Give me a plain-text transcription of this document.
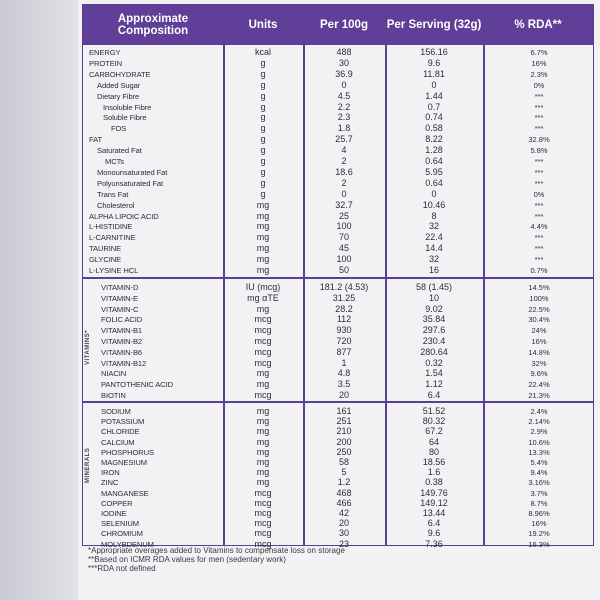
Approximate Composition	Units	Per 100g	Per Serving (32g)	% RDA**
ENERGY	kcal	488	156.16	6.7%
PROTEIN	g	30	9.6	16%
CARBOHYDRATE	g	36.9	11.81	2.3%
Added Sugar	g	0	0	0%
Dietary Fibre	g	4.5	1.44	***
Insoluble Fibre	g	2.2	0.7	***
Soluble Fibre	g	2.3	0.74	***
FOS	g	1.8	0.58	***
FAT	g	25.7	8.22	32.8%
Saturated Fat	g	4	1.28	5.8%
MCTs	g	2	0.64	***
Monounsaturated Fat	g	18.6	5.95	***
Polyunsaturated Fat	g	2	0.64	***
Trans Fat	g	0	0	0%
Cholesterol	mg	32.7	10.46	***
ALPHA LIPOIC ACID	mg	25	8	***
L-HISTIDINE	mg	100	32	4.4%
L-CARNITINE	mg	70	22.4	***
TAURINE	mg	45	14.4	***
GLYCINE	mg	100	32	***
L-LYSINE HCL	mg	50	16	0.7%
VITAMIN-D	IU (mcg)	181.2 (4.53)	58 (1.45)	14.5%
VITAMIN-E	mg αTE	31.25	10	100%
VITAMIN-C	mg	28.2	9.02	22.5%
FOLIC ACID	mcg	112	35.84	30.4%
VITAMIN-B1	mcg	930	297.6	24%
VITAMIN-B2	mcg	720	230.4	16%
VITAMIN-B6	mcg	877	280.64	14.8%
VITAMIN-B12	mcg	1	0.32	32%
NIACIN	mg	4.8	1.54	9.6%
PANTOTHENIC ACID	mg	3.5	1.12	22.4%
BIOTIN	mcg	20	6.4	21.3%
VITAMINS*
SODIUM	mg	161	51.52	2.4%
POTASSIUM	mg	251	80.32	2.14%
CHLORIDE	mg	210	67.2	2.9%
CALCIUM	mg	200	64	10.6%
PHOSPHORUS	mg	250	80	13.3%
MAGNESIUM	mg	58	18.56	5.4%
IRON	mg	5	1.6	9.4%
ZINC	mg	1.2	0.38	3.16%
MANGANESE	mcg	468	149.76	3.7%
COPPER	mcg	466	149.12	8.7%
IODINE	mcg	42	13.44	8.96%
SELENIUM	mcg	20	6.4	16%
CHROMIUM	mcg	30	9.6	19.2%
MOLYBDENUM	mcg	23	7.36	16.3%
MINERALS
*Appropriate overages added to Vitamins to compensate loss on storage
**Based on ICMR RDA values for men (sedentary work)
***RDA not defined
